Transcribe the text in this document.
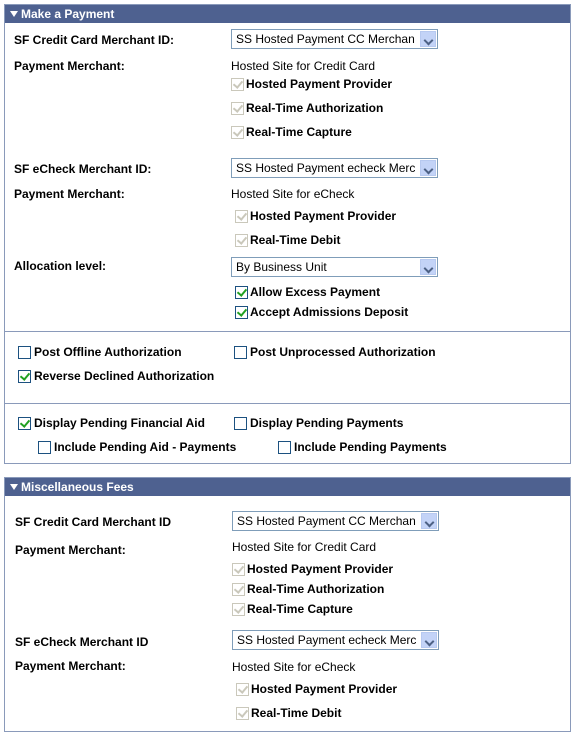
Make a Payment
SF Credit Card Merchant ID:	SS Hosted Payment CC Merchan
Payment Merchant:	Hosted Site for Credit Card
Hosted Payment Provider
Real-Time Authorization
Real-Time Capture
SF eCheck Merchant ID:	SS Hosted Payment echeck Merc
Payment Merchant:	Hosted Site for eCheck
Hosted Payment Provider
Real-Time Debit
Allocation level:	By Business Unit
Allow Excess Payment
Accept Admissions Deposit
Post Offline Authorization	Post Unprocessed Authorization
Reverse Declined Authorization
Display Pending Financial Aid	Display Pending Payments
Include Pending Aid - Payments	Include Pending Payments
Miscellaneous Fees
SF Credit Card Merchant ID	SS Hosted Payment CC Merchan
Payment Merchant:	Hosted Site for Credit Card
Hosted Payment Provider
Real-Time Authorization
Real-Time Capture
SF eCheck Merchant ID	SS Hosted Payment echeck Merc
Payment Merchant:	Hosted Site for eCheck
Hosted Payment Provider
Real-Time Debit
